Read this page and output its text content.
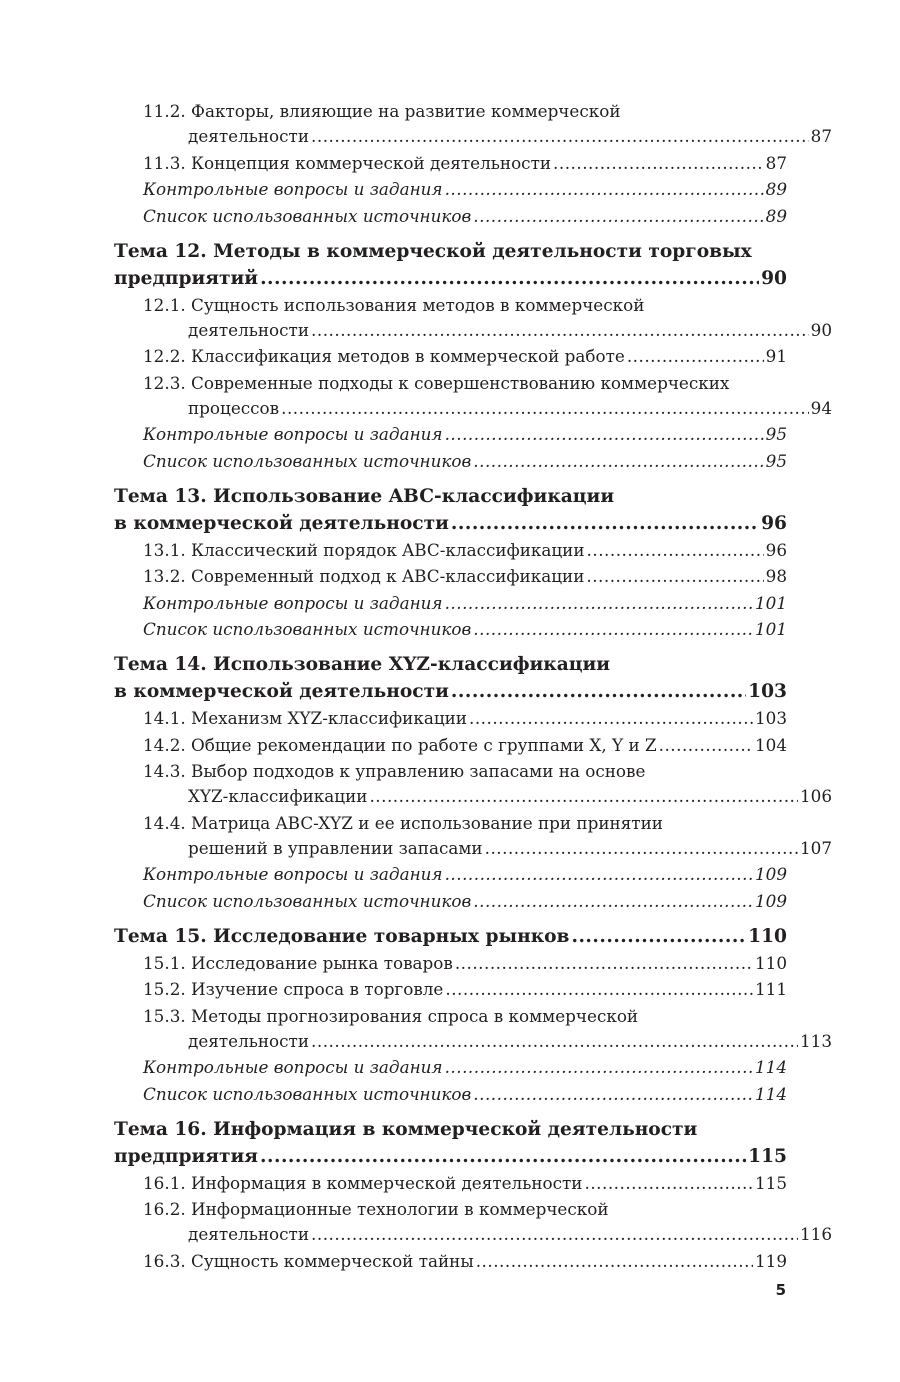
11.2. Факторы, влияющие на развитие коммерческой
деятельности .....	87
11.3. Концепция коммерческой деятельности .....	87
Контрольные вопросы и задания .....	89
Список использованных источников .....	89
Тема 12. Методы в коммерческой деятельности торговых
предприятий .....	90
12.1. Сущность использования методов в коммерческой
деятельности .....	90
12.2. Классификация методов в коммерческой работе .....	91
12.3. Современные подходы к совершенствованию коммерческих
процессов .....	94
Контрольные вопросы и задания .....	95
Список использованных источников .....	95
Тема 13. Использование ABC-классификации
в коммерческой деятельности .....	96
13.1. Классический порядок ABC-классификации .....	96
13.2. Современный подход к ABC-классификации .....	98
Контрольные вопросы и задания .....	101
Список использованных источников .....	101
Тема 14. Использование XYZ-классификации
в коммерческой деятельности .....	103
14.1. Механизм XYZ-классификации .....	103
14.2. Общие рекомендации по работе с группами X, Y и Z .....	104
14.3. Выбор подходов к управлению запасами на основе
XYZ-классификации .....	106
14.4. Матрица ABC-XYZ и ее использование при принятии
решений в управлении запасами .....	107
Контрольные вопросы и задания .....	109
Список использованных источников .....	109
Тема 15. Исследование товарных рынков .....	110
15.1. Исследование рынка товаров .....	110
15.2. Изучение спроса в торговле .....	111
15.3. Методы прогнозирования спроса в коммерческой
деятельности .....	113
Контрольные вопросы и задания .....	114
Список использованных источников .....	114
Тема 16. Информация в коммерческой деятельности
предприятия .....	115
16.1. Информация в коммерческой деятельности .....	115
16.2. Информационные технологии в коммерческой
деятельности .....	116
16.3. Сущность коммерческой тайны .....	119
5
